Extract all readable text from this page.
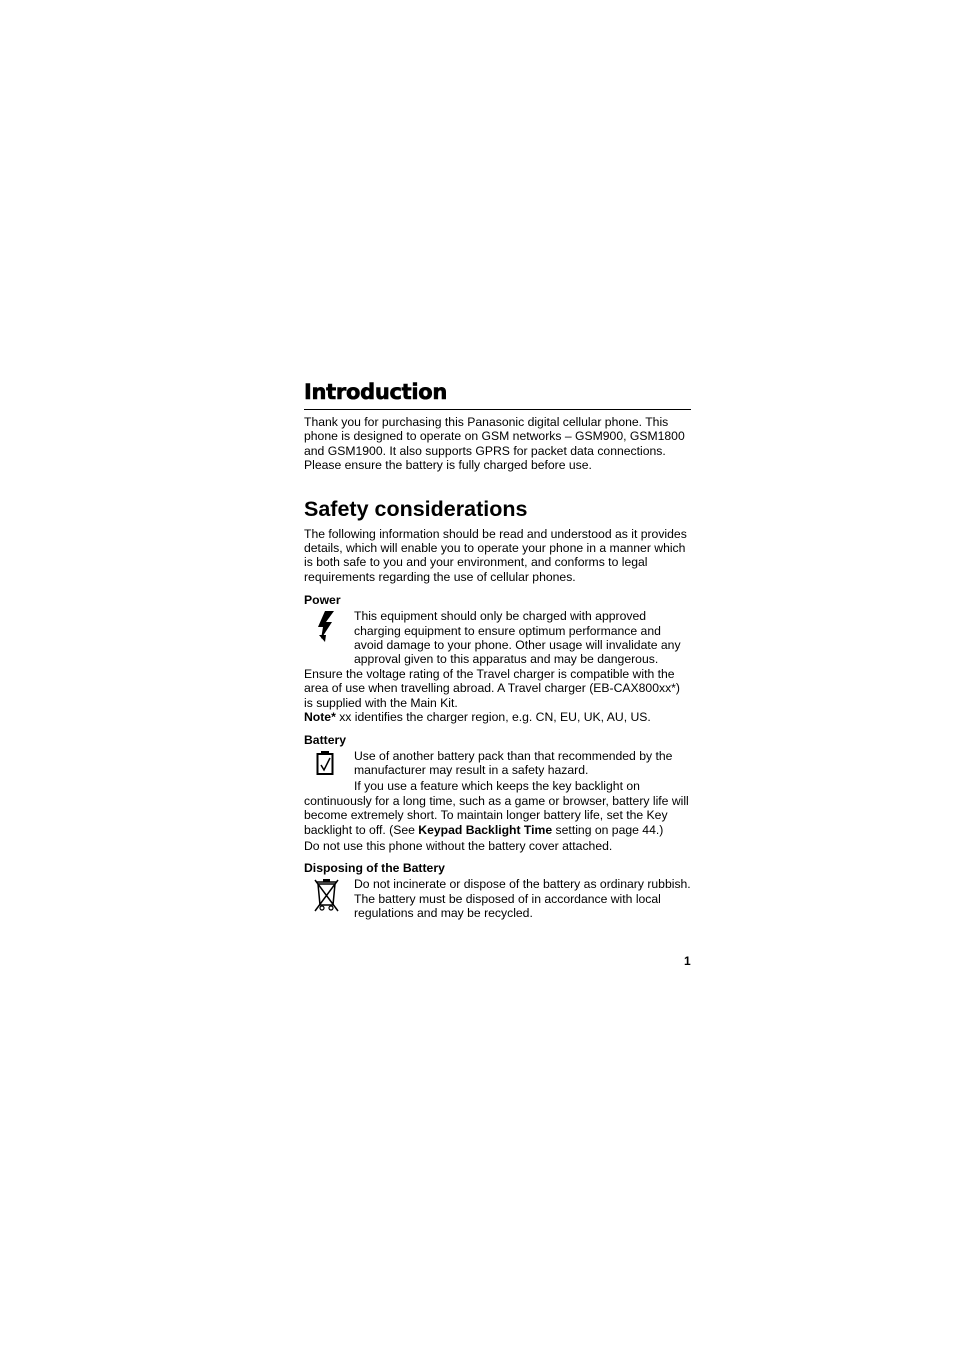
Introduction

Thank you for purchasing this Panasonic digital cellular phone. This phone is designed to operate on GSM networks – GSM900, GSM1800 and GSM1900. It also supports GPRS for packet data connections. Please ensure the battery is fully charged before use.

Safety considerations

The following information should be read and understood as it provides details, which will enable you to operate your phone in a manner which is both safe to you and your environment, and conforms to legal requirements regarding the use of cellular phones.

Power

This equipment should only be charged with approved charging equipment to ensure optimum performance and avoid damage to your phone. Other usage will invalidate any approval given to this apparatus and may be dangerous. Ensure the voltage rating of the Travel charger is compatible with the area of use when travelling abroad. A Travel charger (EB-CAX800xx*) is supplied with the Main Kit.

Note* xx identifies the charger region, e.g. CN, EU, UK, AU, US.

Battery

Use of another battery pack than that recommended by the manufacturer may result in a safety hazard.

If you use a feature which keeps the key backlight on continuously for a long time, such as a game or browser, battery life will become extremely short. To maintain longer battery life, set the Key backlight to off. (See Keypad Backlight Time setting on page 44.)

Do not use this phone without the battery cover attached.

Disposing of the Battery

Do not incinerate or dispose of the battery as ordinary rubbish. The battery must be disposed of in accordance with local regulations and may be recycled.

1
